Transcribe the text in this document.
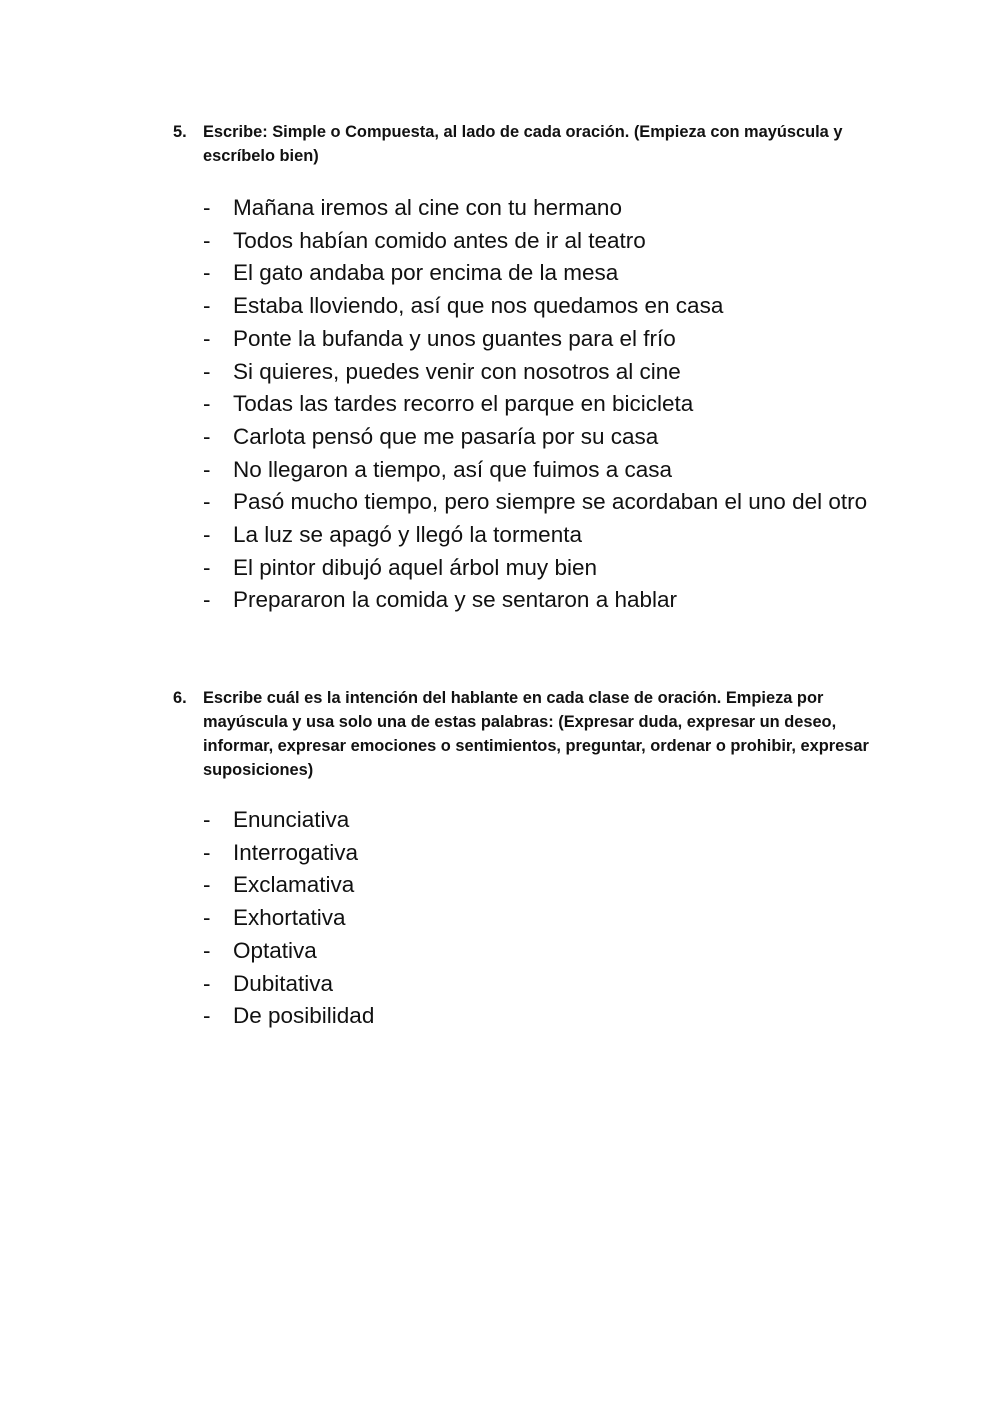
5. Escribe: Simple o Compuesta, al lado de cada oración. (Empieza con mayúscula y escríbelo bien)
-	Mañana iremos al cine con tu hermano
-	Todos habían comido antes de ir al teatro
-	El gato andaba por encima de la mesa
-	Estaba lloviendo, así que nos quedamos en casa
-	Ponte la bufanda y unos guantes para el frío
-	Si quieres, puedes venir con nosotros al cine
-	Todas las tardes recorro el parque en bicicleta
-	Carlota pensó que me pasaría por su casa
-	No llegaron a tiempo, así que fuimos a casa
-	Pasó mucho tiempo, pero siempre se acordaban el uno del otro
-	La luz se apagó y llegó la tormenta
-	El pintor dibujó aquel árbol muy bien
-	Prepararon la comida y se sentaron a hablar
6. Escribe cuál es la intención del hablante en cada clase de oración. Empieza por mayúscula y usa solo una de estas palabras: (Expresar duda, expresar un deseo, informar, expresar emociones o sentimientos, preguntar, ordenar o prohibir, expresar suposiciones)
-	Enunciativa
-	Interrogativa
-	Exclamativa
-	Exhortativa
-	Optativa
-	Dubitativa
-	De posibilidad
